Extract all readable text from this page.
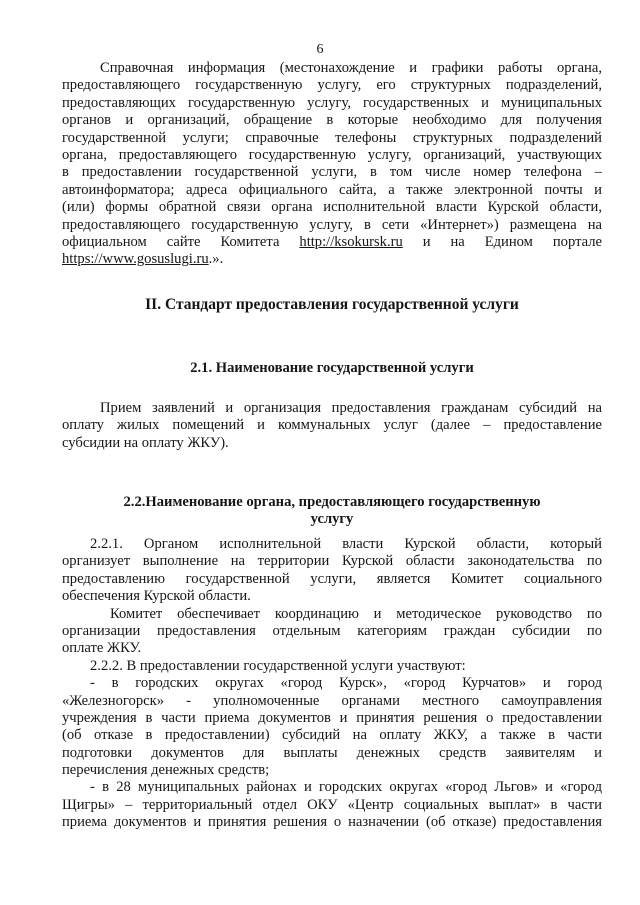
6
Справочная информация (местонахождение и графики работы органа,
предоставляющего государственную услугу, его структурных подразделений,
предоставляющих государственную услугу, государственных и муниципальных
органов и организаций, обращение в которые необходимо для получения
государственной услуги; справочные телефоны структурных подразделений
органа, предоставляющего государственную услугу, организаций, участвующих
в предоставлении государственной услуги, в том числе номер телефона –
автоинформатора; адреса официального сайта, а также электронной почты и
(или) формы обратной связи органа исполнительной власти Курской области,
предоставляющего государственную услугу, в сети «Интернет») размещена на
официальном сайте Комитета http://ksokursk.ru и на Едином портале
https://www.gosuslugi.ru.».
II. Стандарт предоставления государственной услуги
2.1. Наименование государственной услуги
Прием заявлений и организация предоставления гражданам субсидий на
оплату жилых помещений и коммунальных услуг (далее – предоставление
субсидии на оплату ЖКУ).
2.2.Наименование органа, предоставляющего государственную
услугу
2.2.1. Органом исполнительной власти Курской области, который
организует выполнение на территории Курской области законодательства по
предоставлению государственной услуги, является Комитет социального
обеспечения Курской области.
Комитет обеспечивает координацию и методическое руководство по
организации предоставления отдельным категориям граждан субсидии по
оплате ЖКУ.
2.2.2. В предоставлении государственной услуги участвуют:
- в городских округах «город Курск», «город Курчатов» и город
«Железногорск» - уполномоченные органами местного самоуправления
учреждения в части приема документов и принятия решения о предоставлении
(об отказе в предоставлении) субсидий на оплату ЖКУ, а также в части
подготовки документов для выплаты денежных средств заявителям и
перечисления денежных средств;
- в 28 муниципальных районах и городских округах «город Льгов» и «город
Щигры» – территориальный отдел ОКУ «Центр социальных выплат» в части
приема документов и принятия решения о назначении (об отказе) предоставления
